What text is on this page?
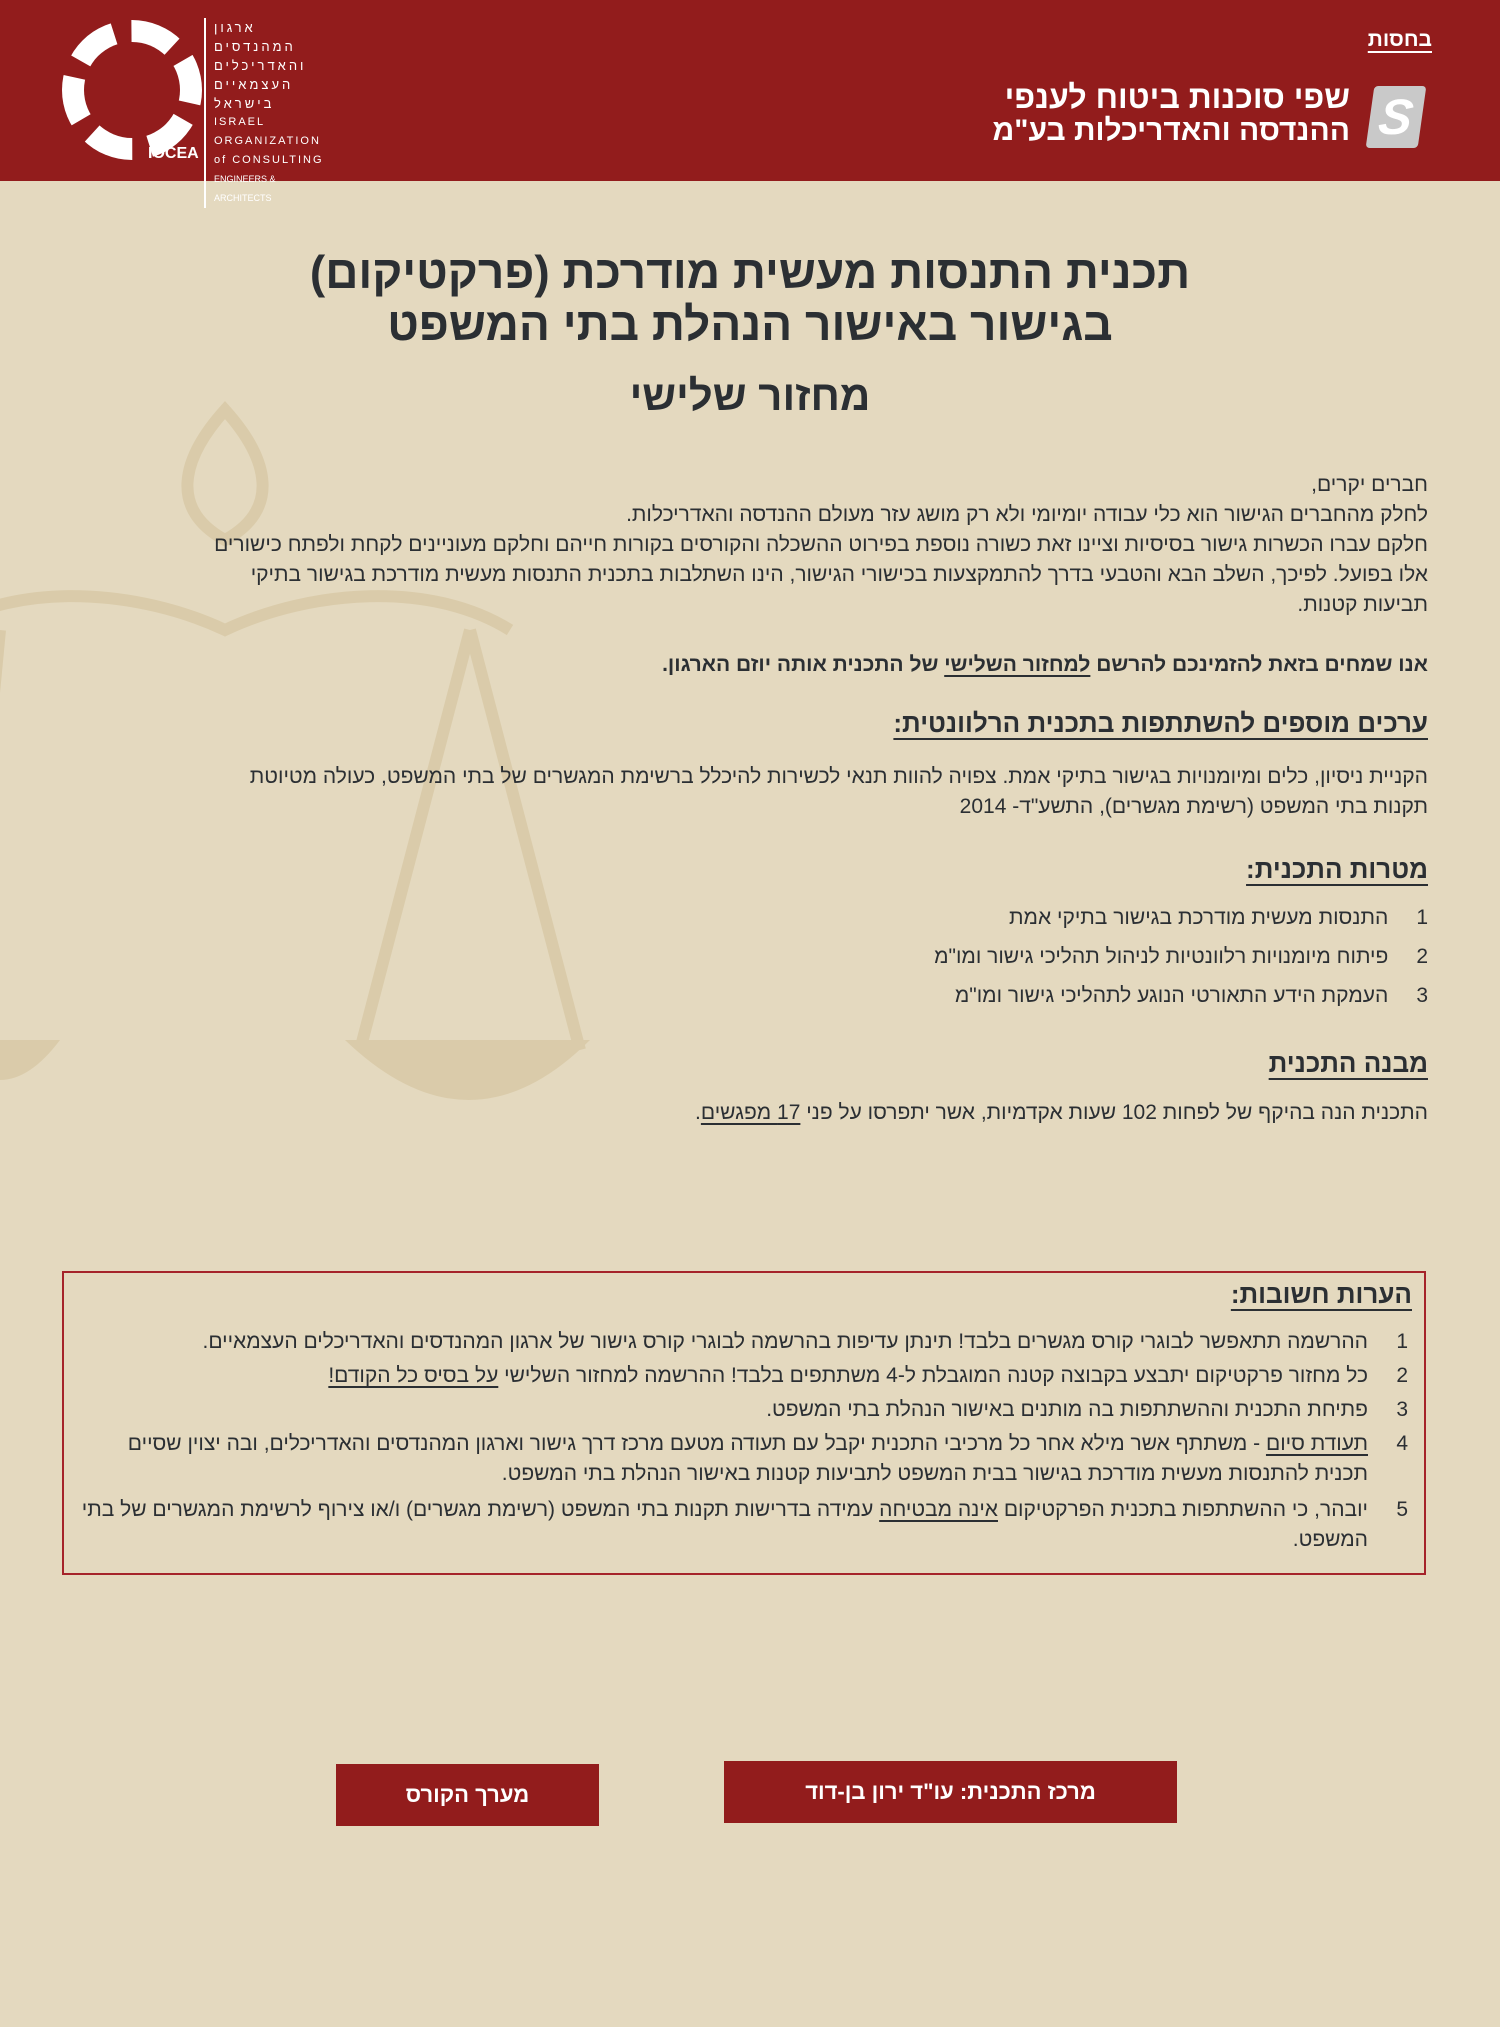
IOCEA
ארגון המהנדסים
והאדריכלים
העצמאיים
בישראל
ISRAEL
ORGANIZATION
of CONSULTING
ENGINEERS & ARCHITECTS
בחסות
S
שפי סוכנות ביטוח לענפי
ההנדסה והאדריכלות בע"מ
תכנית התנסות מעשית מודרכת (פרקטיקום)
בגישור באישור הנהלת בתי המשפט
מחזור שלישי
חברים יקרים,
לחלק מהחברים הגישור הוא כלי עבודה יומיומי ולא רק מושג עזר מעולם ההנדסה והאדריכלות.
חלקם עברו הכשרות גישור בסיסיות וציינו זאת כשורה נוספת בפירוט ההשכלה והקורסים בקורות חייהם וחלקם מעוניינים לקחת ולפתח כישורים אלו בפועל. לפיכך, השלב הבא והטבעי בדרך להתמקצעות בכישורי הגישור, הינו השתלבות בתכנית התנסות מעשית מודרכת בגישור בתיקי תביעות קטנות.
אנו שמחים בזאת להזמינכם להרשם למחזור השלישי של התכנית אותה יוזם הארגון.
ערכים מוספים להשתתפות בתכנית הרלוונטית:
הקניית ניסיון, כלים ומיומנויות בגישור בתיקי אמת. צפויה להוות תנאי לכשירות להיכלל ברשימת המגשרים של בתי המשפט, כעולה מטיוטת תקנות בתי המשפט (רשימת מגשרים), התשע"ד- 2014
מטרות התכנית:
1
התנסות מעשית מודרכת בגישור בתיקי אמת
2
פיתוח מיומנויות רלוונטיות לניהול תהליכי גישור ומו"מ
3
העמקת הידע התאורטי הנוגע לתהליכי גישור ומו"מ
מבנה התכנית
התכנית הנה בהיקף של לפחות 102 שעות אקדמיות, אשר יתפרסו על פני 17 מפגשים.
הערות חשובות:
1
ההרשמה תתאפשר לבוגרי קורס מגשרים בלבד! תינתן עדיפות בהרשמה לבוגרי קורס גישור של ארגון המהנדסים והאדריכלים העצמאיים.
2
כל מחזור פרקטיקום יתבצע בקבוצה קטנה המוגבלת ל-4 משתתפים בלבד! ההרשמה למחזור השלישי על בסיס כל הקודם!
3
פתיחת התכנית וההשתתפות בה מותנים באישור הנהלת בתי המשפט.
4
תעודת סיום - משתתף אשר מילא אחר כל מרכיבי התכנית יקבל עם תעודה מטעם מרכז דרך גישור וארגון המהנדסים והאדריכלים, ובה יצוין שסיים תכנית להתנסות מעשית מודרכת בגישור בבית המשפט לתביעות קטנות באישור הנהלת בתי המשפט.
5
יובהר, כי ההשתתפות בתכנית הפרקטיקום אינה מבטיחה עמידה בדרישות תקנות בתי המשפט (רשימת מגשרים) ו/או צירוף לרשימת המגשרים של בתי המשפט.
מרכז התכנית: עו"ד ירון בן-דוד
מערך הקורס
